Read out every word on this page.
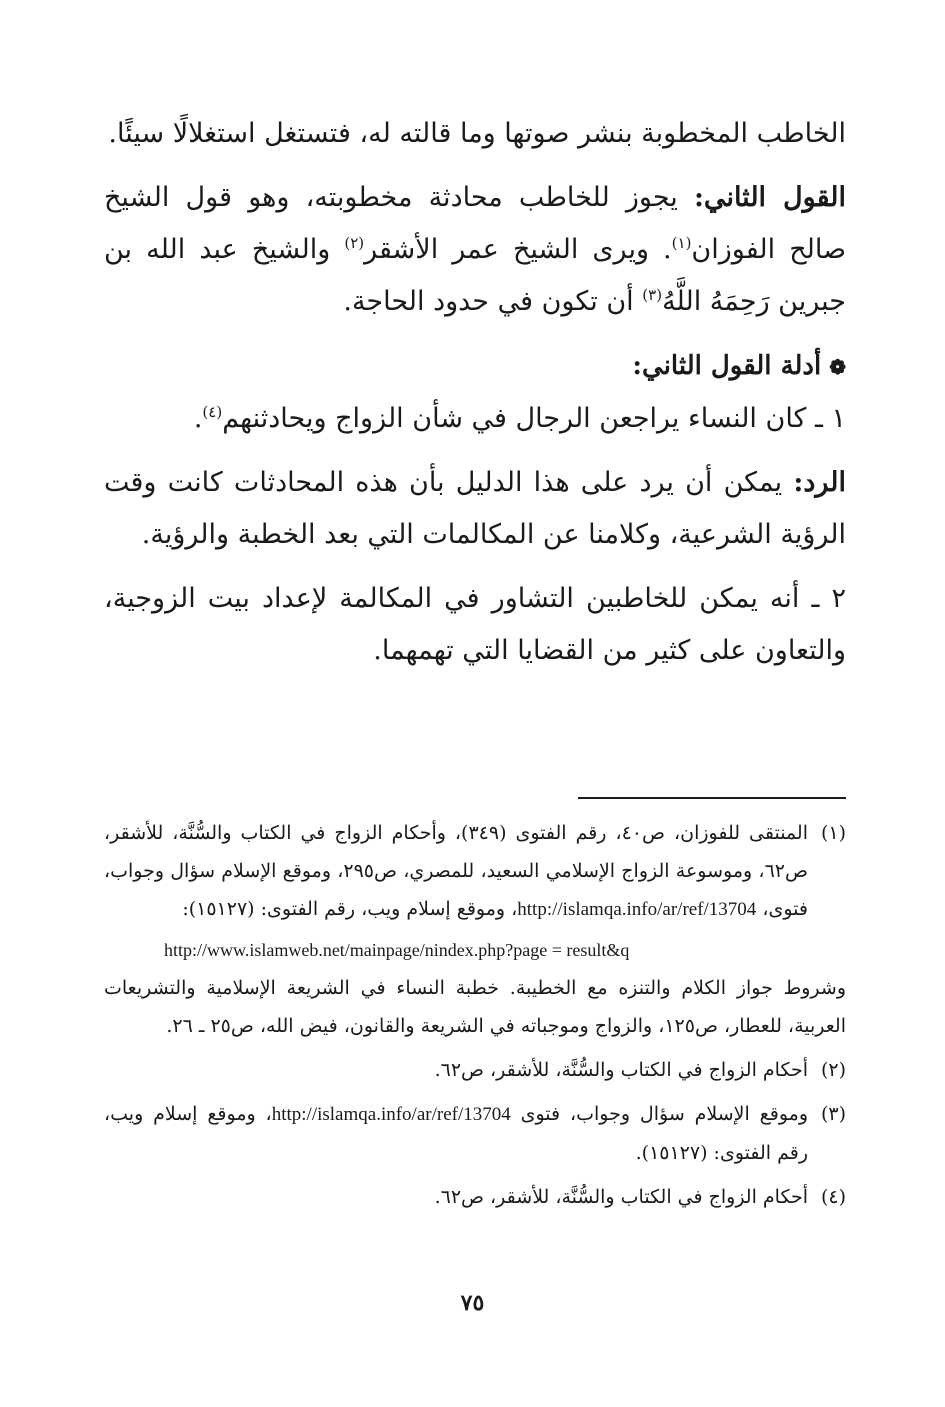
الخاطب المخطوبة بنشر صوتها وما قالته له، فتستغل استغلالًا سيئًا.

القول الثاني: يجوز للخاطب محادثة مخطوبته، وهو قول الشيخ صالح الفوزان$^{(١)}$. ويرى الشيخ عمر الأشقر$^{(٢)}$ والشيخ عبد الله بن جبرين رَحِمَهُ اللَّهُ$^{(٣)}$ أن تكون في حدود الحاجة.

❁أدلة القول الثاني:

١ ـ كان النساء يراجعن الرجال في شأن الزواج ويحادثنهم$^{(٤)}$.

الرد: يمكن أن يرد على هذا الدليل بأن هذه المحادثات كانت وقت الرؤية الشرعية، وكلامنا عن المكالمات التي بعد الخطبة والرؤية.

٢ ـ أنه يمكن للخاطبين التشاور في المكالمة لإعداد بيت الزوجية، والتعاون على كثير من القضايا التي تهمهما.

(١)
المنتقى للفوزان، ص٤٠، رقم الفتوى (٣٤٩)، وأحكام الزواج في الكتاب والسُّنَّة، للأشقر، ص٦٢، وموسوعة الزواج الإسلامي السعيد، للمصري، ص٢٩٥، وموقع الإسلام سؤال وجواب، فتوى، http://islamqa.info/ar/ref/13704، وموقع إسلام ويب، رقم الفتوى: (١٥١٢٧):
http://www.islamweb.net/mainpage/nindex.php?page = result&q
وشروط جواز الكلام والتنزه مع الخطيبة. خطبة النساء في الشريعة الإسلامية والتشريعات العربية، للعطار، ص١٢٥، والزواج وموجباته في الشريعة والقانون، فيض الله، ص٢٥ ـ ٢٦.
(٢)
أحكام الزواج في الكتاب والسُّنَّة، للأشقر، ص٦٢.
(٣)
وموقع الإسلام سؤال وجواب، فتوى http://islamqa.info/ar/ref/13704، وموقع إسلام ويب، رقم الفتوى: (١٥١٢٧).
(٤)
أحكام الزواج في الكتاب والسُّنَّة، للأشقر، ص٦٢.
٧٥
